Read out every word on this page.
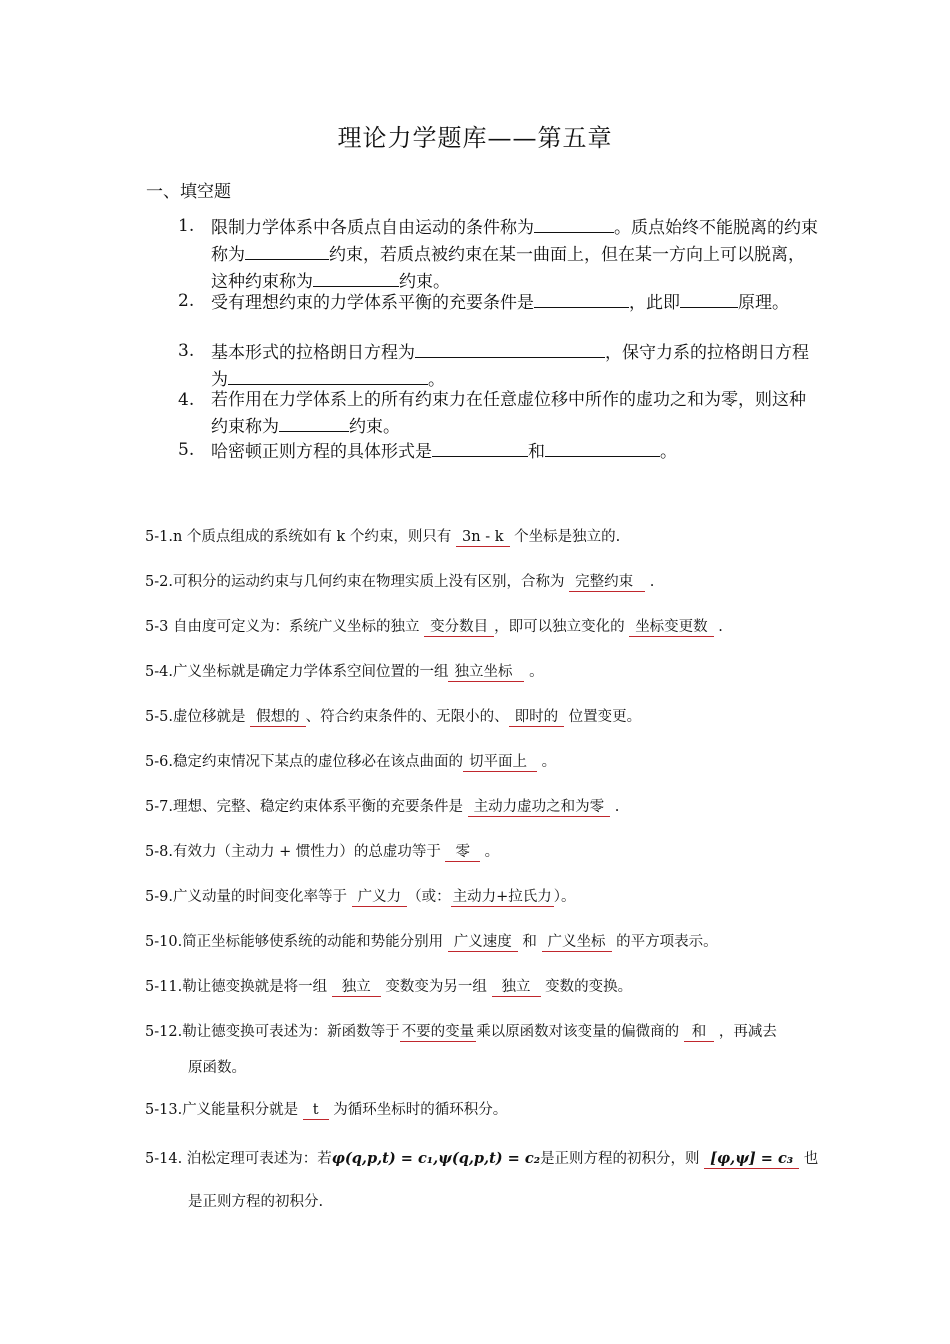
理论力学题库——第五章
一、填空题
1. 限制力学体系中各质点自由运动的条件称为	。质点始终不能脱离的约束称为	约束，若质点被约束在某一曲面上，但在某一方向上可以脱离，这种约束称为	约束。
2. 受有理想约束的力学体系平衡的充要条件是	，此即	原理。
3. 基本形式的拉格朗日方程为	，保守力系的拉格朗日方程为	。
4. 若作用在力学体系上的所有约束力在任意虚位移中所作的虚功之和为零，则这种约束称为	约束。
5. 哈密顿正则方程的具体形式是	和	。
5-1.n 个质点组成的系统如有 k 个约束，则只有 3n - k 个坐标是独立的.
5-2.可积分的运动约束与几何约束在物理实质上没有区别，合称为 完整约束 .
5-3 自由度可定义为：系统广义坐标的独立 变分数目 ，即可以独立变化的 坐标变更数 .
5-4.广义坐标就是确定力学体系空间位置的一组 独立坐标 。
5-5.虚位移就是 假想的 、符合约束条件的、无限小的、 即时的 位置变更。
5-6.稳定约束情况下某点的虚位移必在该点曲面的 切平面上 。
5-7.理想、完整、稳定约束体系平衡的充要条件是 主动力虚功之和为零 .
5-8.有效力（主动力 + 惯性力）的总虚功等于 零 。
5-9.广义动量的时间变化率等于 广义力 （或： 主动力+拉氏力 ）。
5-10.简正坐标能够使系统的动能和势能分别用 广义速度 和 广义坐标 的平方项表示。
5-11.勒让德变换就是将一组 独立 变数变为另一组 独立 变数的变换。
5-12.勒让德变换可表述为：新函数等于 不要的变量 乘以原函数对该变量的偏微商的 和 ，再减去
原函数。
5-13.广义能量积分就是 t 为循环坐标时的循环积分。
5-14. 泊松定理可表述为：若φ(q,p,t) = c₁,ψ(q,p,t) = c₂是正则方程的初积分，则 [φ,ψ] = c₃ 也
是正则方程的初积分.
